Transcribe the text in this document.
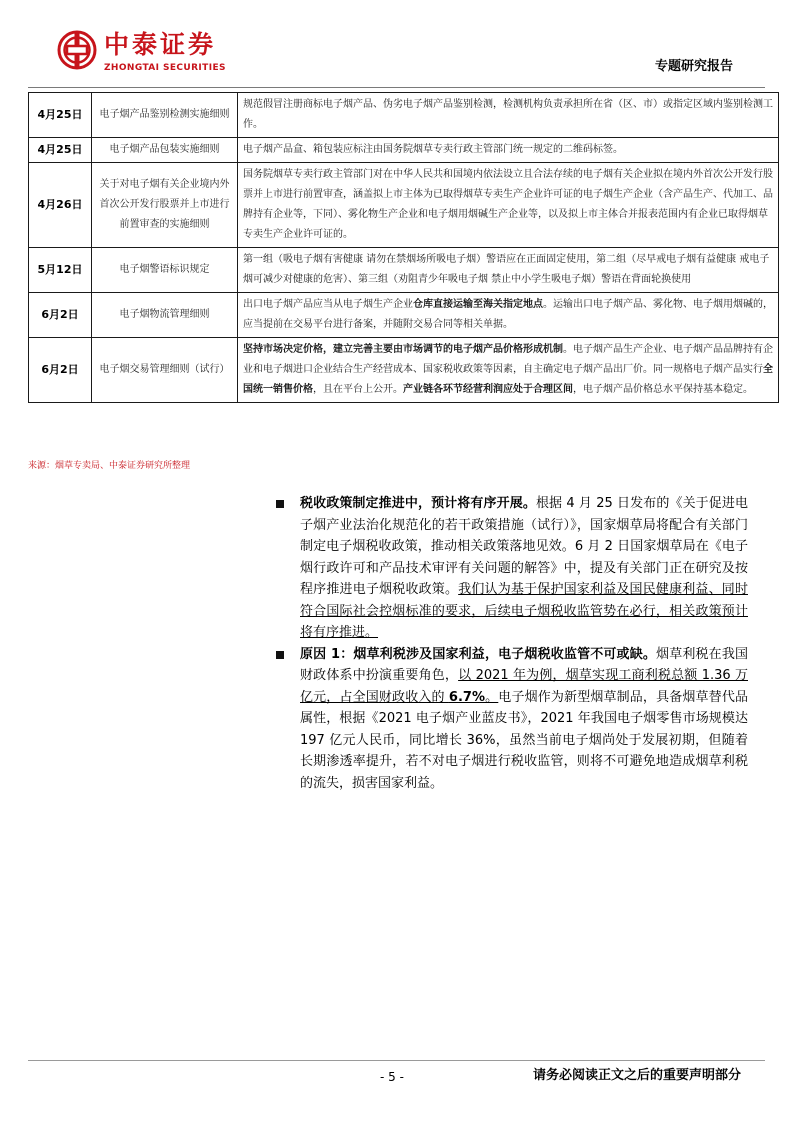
中泰证券
ZHONGTAI SECURITIES	专题研究报告
4月25日	电子烟产品鉴别检测实施细则	规范假冒注册商标电子烟产品、伪劣电子烟产品鉴别检测，检测机构负责承担所在省（区、市）或指定区域内鉴别检测工作。
4月25日	电子烟产品包装实施细则	电子烟产品盒、箱包装应标注由国务院烟草专卖行政主管部门统一规定的二维码标签。
4月26日	关于对电子烟有关企业境内外首次公开发行股票并上市进行前置审查的实施细则	国务院烟草专卖行政主管部门对在中华人民共和国境内依法设立且合法存续的电子烟有关企业拟在境内外首次公开发行股票并上市进行前置审查，涵盖拟上市主体为已取得烟草专卖生产企业许可证的电子烟生产企业（含产品生产、代加工、品牌持有企业等，下同）、雾化物生产企业和电子烟用烟碱生产企业等，以及拟上市主体合并报表范围内有企业已取得烟草专卖生产企业许可证的。
5月12日	电子烟警语标识规定	第一组（吸电子烟有害健康 请勿在禁烟场所吸电子烟）警语应在正面固定使用，第二组（尽早戒电子烟有益健康 戒电子烟可减少对健康的危害）、第三组（劝阻青少年吸电子烟 禁止中小学生吸电子烟）警语在背面轮换使用
6月2日	电子烟物流管理细则	出口电子烟产品应当从电子烟生产企业仓库直接运输至海关指定地点。运输出口电子烟产品、雾化物、电子烟用烟碱的，应当提前在交易平台进行备案，并随附交易合同等相关单据。
6月2日	电子烟交易管理细则（试行）	坚持市场决定价格，建立完善主要由市场调节的电子烟产品价格形成机制。电子烟产品生产企业、电子烟产品品牌持有企业和电子烟进口企业结合生产经营成本、国家税收政策等因素，自主确定电子烟产品出厂价。同一规格电子烟产品实行全国统一销售价格，且在平台上公开。产业链各环节经营利润应处于合理区间，电子烟产品价格总水平保持基本稳定。
来源：烟草专卖局、中泰证券研究所整理
税收政策制定推进中，预计将有序开展。根据 4 月 25 日发布的《关于促进电子烟产业法治化规范化的若干政策措施（试行）》，国家烟草局将配合有关部门制定电子烟税收政策，推动相关政策落地见效。6 月 2 日国家烟草局在《电子烟行政许可和产品技术审评有关问题的解答》中，提及有关部门正在研究及按程序推进电子烟税收政策。我们认为基于保护国家利益及国民健康利益、同时符合国际社会控烟标准的要求，后续电子烟税收监管势在必行，相关政策预计将有序推进。
原因 1：烟草利税涉及国家利益，电子烟税收监管不可或缺。烟草利税在我国财政体系中扮演重要角色，以 2021 年为例，烟草实现工商利税总额 1.36 万亿元，占全国财政收入的 6.7%。电子烟作为新型烟草制品，具备烟草替代品属性，根据《2021 电子烟产业蓝皮书》，2021 年我国电子烟零售市场规模达 197 亿元人民币，同比增长 36%，虽然当前电子烟尚处于发展初期，但随着长期渗透率提升，若不对电子烟进行税收监管，则将不可避免地造成烟草利税的流失，损害国家利益。
- 5 -	请务必阅读正文之后的重要声明部分
